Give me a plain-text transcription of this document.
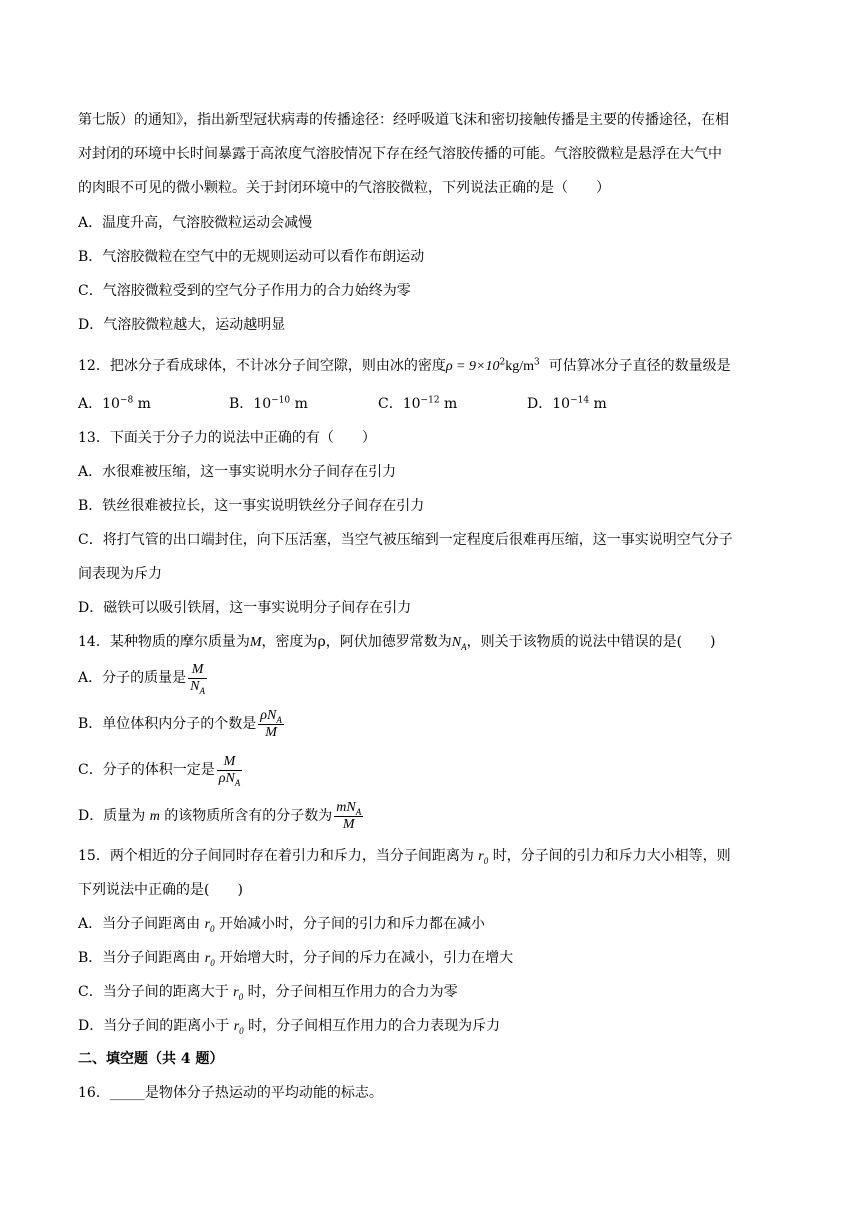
第七版）的通知》，指出新型冠状病毒的传播途径：经呼吸道飞沫和密切接触传播是主要的传播途径，在相
对封闭的环境中长时间暴露于高浓度气溶胶情况下存在经气溶胶传播的可能。气溶胶微粒是悬浮在大气中
的肉眼不可见的微小颗粒。关于封闭环境中的气溶胶微粒，下列说法正确的是（　　）
A．温度升高，气溶胶微粒运动会减慢
B．气溶胶微粒在空气中的无规则运动可以看作布朗运动
C．气溶胶微粒受到的空气分子作用力的合力始终为零
D．气溶胶微粒越大，运动越明显
12．把冰分子看成球体，不计冰分子间空隙，则由冰的密度$\rho = 9\times 10^2kg/m^3$ 可估算冰分子直径的数量级是
A．$10^{-8}$ m	B．$10^{-10}$ m	C．$10^{-12}$ m	D．$10^{-14}$ m
13．下面关于分子力的说法中正确的有（　　）
A．水很难被压缩，这一事实说明水分子间存在引力
B．铁丝很难被拉长，这一事实说明铁丝分子间存在引力
C．将打气管的出口端封住，向下压活塞，当空气被压缩到一定程度后很难再压缩，这一事实说明空气分子
间表现为斥力
D．磁铁可以吸引铁屑，这一事实说明分子间存在引力
14．某种物质的摩尔质量为M，密度为ρ，阿伏加德罗常数为$N_A$，则关于该物质的说法中错误的是(　　)
A．分子的质量是 $\frac{M}{N_A}$
B．单位体积内分子的个数是 $\frac{\rho N_A}{M}$
C．分子的体积一定是 $\frac{M}{\rho N_A}$
D．质量为 m 的该物质所含有的分子数为 $\frac{mN_A}{M}$
15．两个相近的分子间同时存在着引力和斥力，当分子间距离为 $r_0$ 时，分子间的引力和斥力大小相等，则
下列说法中正确的是(　　)
A．当分子间距离由 $r_0$ 开始减小时，分子间的引力和斥力都在减小
B．当分子间距离由 $r_0$ 开始增大时，分子间的斥力在减小，引力在增大
C．当分子间的距离大于 $r_0$ 时，分子间相互作用力的合力为零
D．当分子间的距离小于 $r_0$ 时，分子间相互作用力的合力表现为斥力
二、填空题（共 4 题）
16．_____是物体分子热运动的平均动能的标志。
